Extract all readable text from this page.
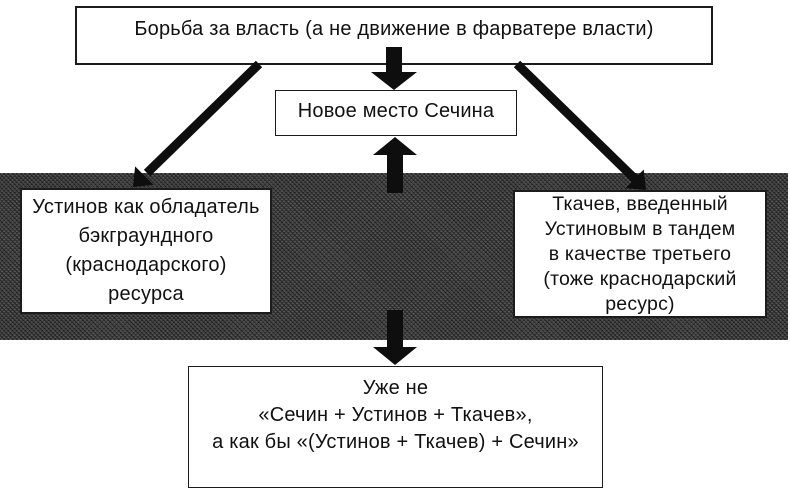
Борьба за власть (а не движение в фарватере власти)
Новое место Сечина
Устинов как обладатель
бэкграундного
(краснодарского)
ресурса
Ткачев, введенный
Устиновым в тандем
в качестве третьего
(тоже краснодарский
ресурс)
Уже не
«Сечин + Устинов + Ткачев»,
а как бы «(Устинов + Ткачев) + Сечин»
